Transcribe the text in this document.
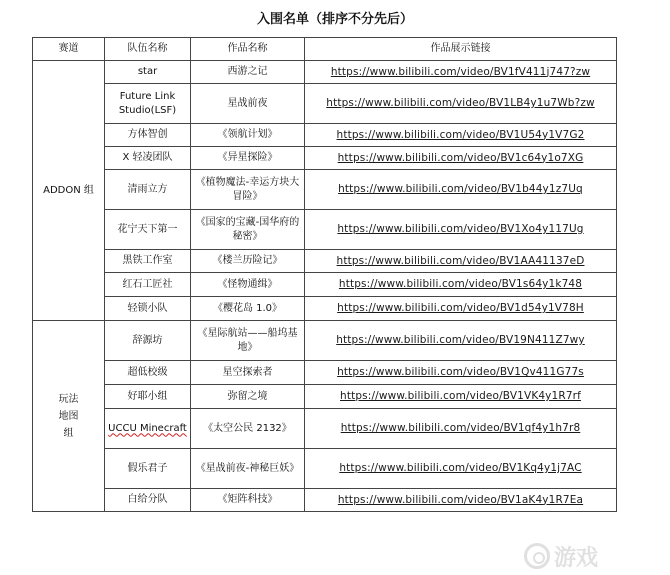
入围名单（排序不分先后）
赛道	队伍名称	作品名称	作品展示链接
ADDON 组	star	西游之记	https://www.bilibili.com/video/BV1fV411j747?zw
	Future Link Studio(LSF)	星战前夜	https://www.bilibili.com/video/BV1LB4y1u7Wb?zw
	方体智创	《领航计划》	https://www.bilibili.com/video/BV1U54y1V7G2
	X 轻凌团队	《异星探险》	https://www.bilibili.com/video/BV1c64y1o7XG
	清雨立方	《植物魔法-幸运方块大冒险》	https://www.bilibili.com/video/BV1b44y1z7Uq
	花宁天下第一	《国家的宝藏-国华府的秘密》	https://www.bilibili.com/video/BV1Xo4y117Ug
	黑铁工作室	《楼兰历险记》	https://www.bilibili.com/video/BV1AA41137eD
	红石工匠社	《怪物通缉》	https://www.bilibili.com/video/BV1s64y1k748
	轻锁小队	《樱花岛 1.0》	https://www.bilibili.com/video/BV1d54y1V78H
玩法 地图组	辞源坊	《星际航站——船坞基地》	https://www.bilibili.com/video/BV19N411Z7wy
	超低校级	星空探索者	https://www.bilibili.com/video/BV1Qv411G77s
	好耶小组	弥留之境	https://www.bilibili.com/video/BV1VK4y1R7rf
	UCCU Minecraft	《太空公民 2132》	https://www.bilibili.com/video/BV1qf4y1h7r8
	假乐君子	《星战前夜-神秘巨妖》	https://www.bilibili.com/video/BV1Kq4y1j7AC
	白给分队	《矩阵科技》	https://www.bilibili.com/video/BV1aK4y1R7Ea
游戏
